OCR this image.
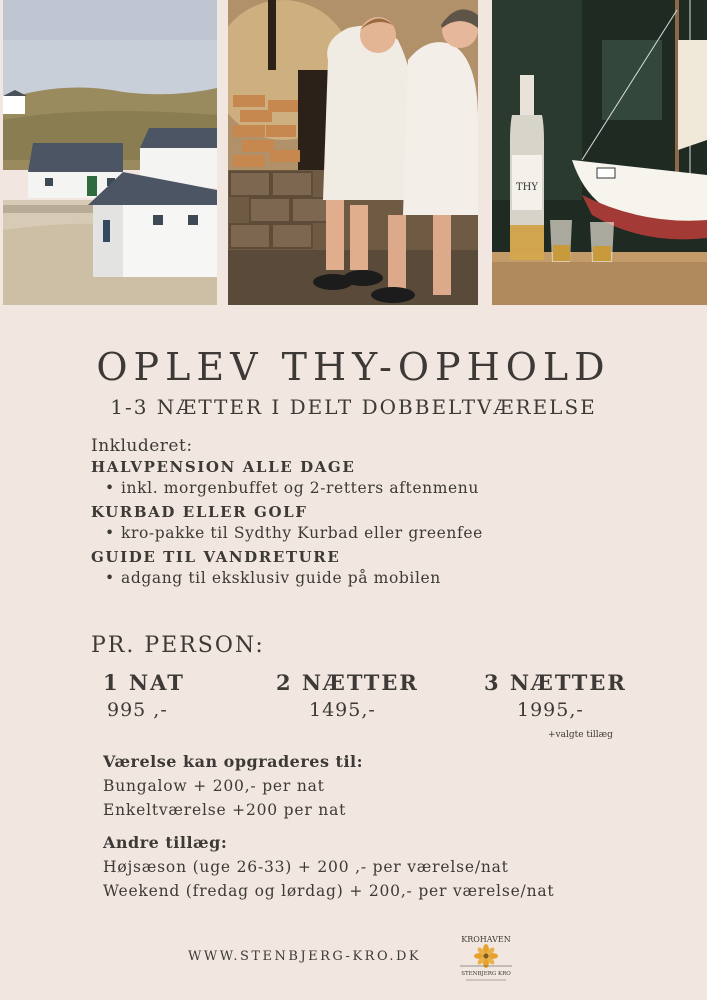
THY
OPLEV THY-OPHOLD
1-3 NÆTTER I DELT DOBBELTVÆRELSE
Inkluderet:
HALVPENSION ALLE DAGE
• inkl. morgenbuffet og 2-retters aftenmenu
KURBAD ELLER GOLF
• kro-pakke til Sydthy Kurbad eller greenfee
GUIDE TIL VANDRETURE
• adgang til eksklusiv guide på mobilen
PR. PERSON:
1 NAT
995 ,-
2 NÆTTER
1495,-
3 NÆTTER
1995,-
+valgte tillæg
Værelse kan opgraderes til:
Bungalow + 200,- per nat
Enkeltværelse +200 per nat
Andre tillæg:
Højsæson (uge 26-33) + 200 ,- per værelse/nat
Weekend (fredag og lørdag) + 200,- per værelse/nat
WWW.STENBJERG-KRO.DK
KROHAVEN
STENBJERG KRO
